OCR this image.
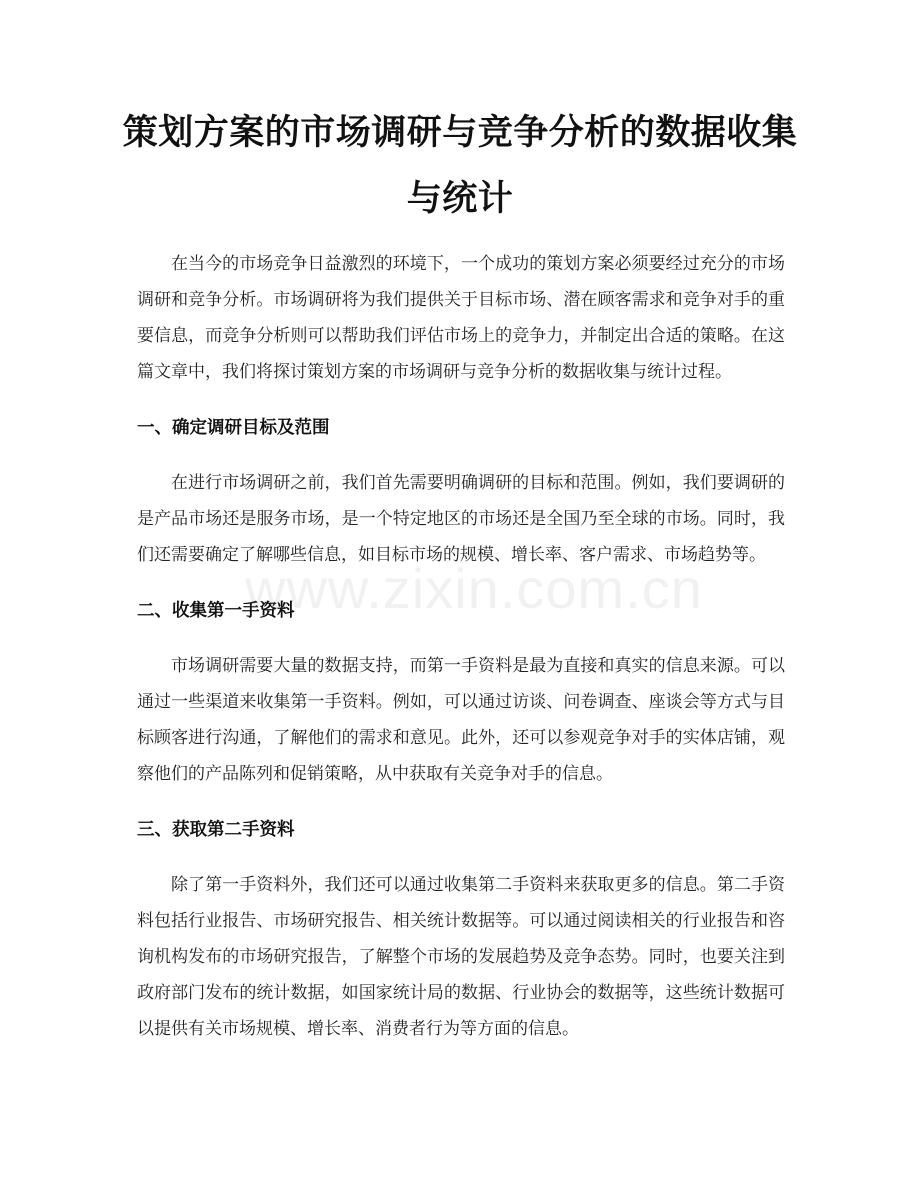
策划方案的市场调研与竞争分析的数据收集
与统计

在当今的市场竞争日益激烈的环境下，一个成功的策划方案必须要经过充分的市场调研和竞争分析。市场调研将为我们提供关于目标市场、潜在顾客需求和竞争对手的重要信息，而竞争分析则可以帮助我们评估市场上的竞争力，并制定出合适的策略。在这篇文章中，我们将探讨策划方案的市场调研与竞争分析的数据收集与统计过程。

一、确定调研目标及范围

在进行市场调研之前，我们首先需要明确调研的目标和范围。例如，我们要调研的是产品市场还是服务市场，是一个特定地区的市场还是全国乃至全球的市场。同时，我们还需要确定了解哪些信息，如目标市场的规模、增长率、客户需求、市场趋势等。

二、收集第一手资料

市场调研需要大量的数据支持，而第一手资料是最为直接和真实的信息来源。可以通过一些渠道来收集第一手资料。例如，可以通过访谈、问卷调查、座谈会等方式与目标顾客进行沟通，了解他们的需求和意见。此外，还可以参观竞争对手的实体店铺，观察他们的产品陈列和促销策略，从中获取有关竞争对手的信息。

三、获取第二手资料

除了第一手资料外，我们还可以通过收集第二手资料来获取更多的信息。第二手资料包括行业报告、市场研究报告、相关统计数据等。可以通过阅读相关的行业报告和咨询机构发布的市场研究报告，了解整个市场的发展趋势及竞争态势。同时，也要关注到政府部门发布的统计数据，如国家统计局的数据、行业协会的数据等，这些统计数据可以提供有关市场规模、增长率、消费者行为等方面的信息。

www.zixin.com.cn
